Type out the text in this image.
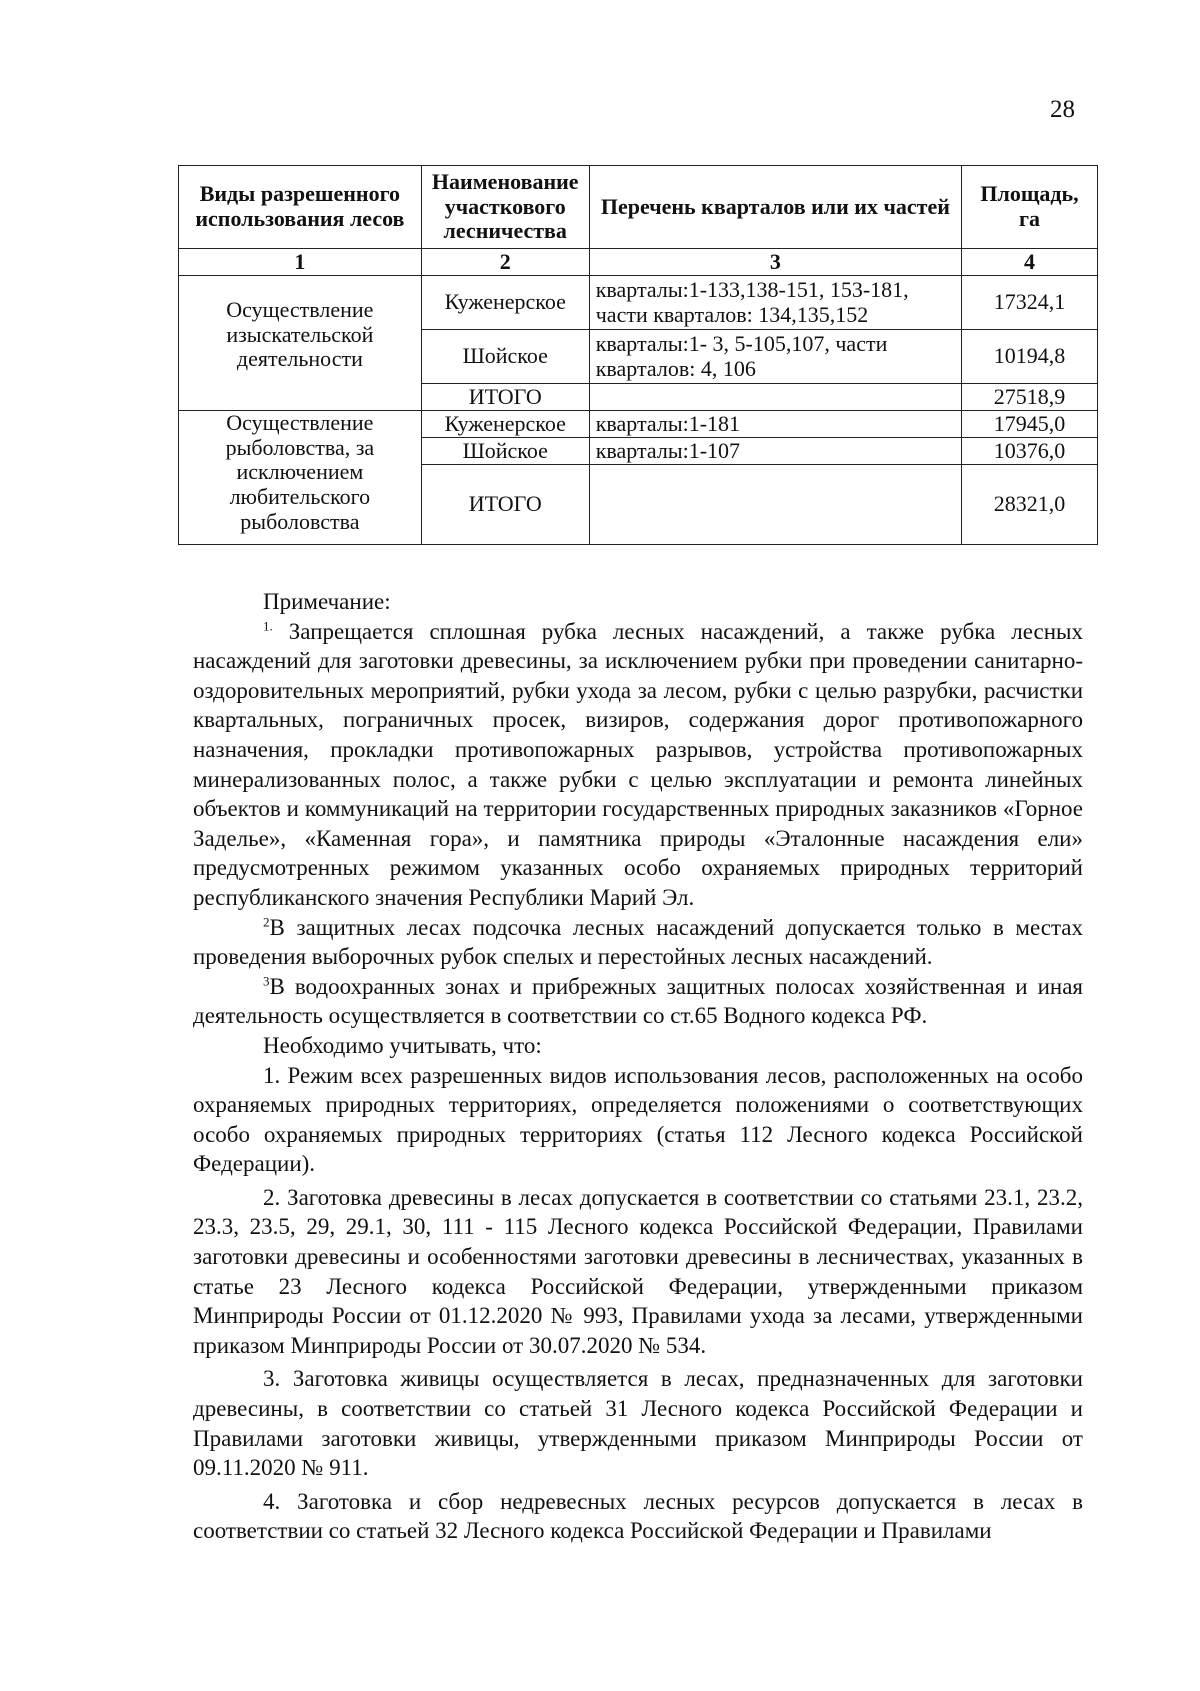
28
Виды разрешенного использования лесов	Наименование участкового лесничества	Перечень кварталов или их частей	Площадь, га
1	2	3	4

Осуществление изыскательской деятельности	Куженерское	кварталы:1-133,138-151, 153-181, части кварталов: 134,135,152	17324,1
	Шойское	кварталы:1- 3, 5-105,107, части кварталов: 4, 106	10194,8
	ИТОГО		27518,9

Осуществление рыболовства, за исключением любительского рыболовства	Куженерское	кварталы:1-181	17945,0
	Шойское	кварталы:1-107	10376,0
	ИТОГО		28321,0

Примечание:

$^{1.}$ Запрещается сплошная рубка лесных насаждений, а также рубка лесных насаждений для заготовки древесины, за исключением рубки при проведении санитарно-оздоровительных мероприятий, рубки ухода за лесом, рубки с целью разрубки, расчистки квартальных, пограничных просек, визиров, содержания дорог противопожарного назначения, прокладки противопожарных разрывов, устройства противопожарных минерализованных полос, а также рубки с целью эксплуатации и ремонта линейных объектов и коммуникаций на территории государственных природных заказников «Горное Заделье», «Каменная гора», и памятника природы «Эталонные насаждения ели» предусмотренных режимом указанных особо охраняемых природных территорий республиканского значения Республики Марий Эл.

$^2$В защитных лесах подсочка лесных насаждений допускается только в местах проведения выборочных рубок спелых и перестойных лесных насаждений.

$^3$В водоохранных зонах и прибрежных защитных полосах хозяйственная и иная деятельность осуществляется в соответствии со ст.65 Водного кодекса РФ.

Необходимо учитывать, что:

1. Режим всех разрешенных видов использования лесов, расположенных на особо охраняемых природных территориях, определяется положениями о соответствующих особо охраняемых природных территориях (статья 112 Лесного кодекса Российской Федерации).

2. Заготовка древесины в лесах допускается в соответствии со статьями 23.1, 23.2, 23.3, 23.5, 29, 29.1, 30, 111 - 115 Лесного кодекса Российской Федерации, Правилами заготовки древесины и особенностями заготовки древесины в лесничествах, указанных в статье 23 Лесного кодекса Российской Федерации, утвержденными приказом Минприроды России от 01.12.2020 № 993, Правилами ухода за лесами, утвержденными приказом Минприроды России от 30.07.2020 № 534.

3. Заготовка живицы осуществляется в лесах, предназначенных для заготовки древесины, в соответствии со статьей 31 Лесного кодекса Российской Федерации и Правилами заготовки живицы, утвержденными приказом Минприроды России от 09.11.2020 № 911.

4. Заготовка и сбор недревесных лесных ресурсов допускается в лесах в соответствии со статьей 32 Лесного кодекса Российской Федерации и Правилами
